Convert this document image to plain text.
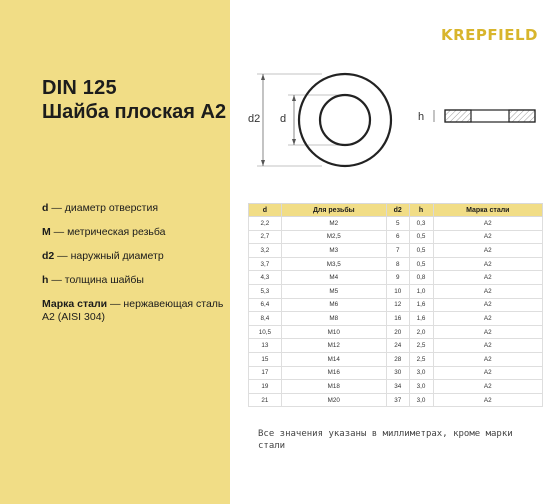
DIN 125
Шайба плоская A2
d — диаметр отверстия
M — метрическая резьба
d2 — наружный диаметр
h — толщина шайбы
Марка стали — нержавеющая сталь A2 (AISI 304)
KREPFIELD
d2 d	h
d	Для резьбы	d2	h	Марка стали
2,2	M2	5	0,3	A2
2,7	M2,5	6	0,5	A2
3,2	M3	7	0,5	A2
3,7	M3,5	8	0,5	A2
4,3	M4	9	0,8	A2
5,3	M5	10	1,0	A2
6,4	M6	12	1,6	A2
8,4	M8	16	1,6	A2
10,5	M10	20	2,0	A2
13	M12	24	2,5	A2
15	M14	28	2,5	A2
17	M16	30	3,0	A2
19	M18	34	3,0	A2
21	M20	37	3,0	A2
Все значения указаны в миллиметрах, кроме марки стали
